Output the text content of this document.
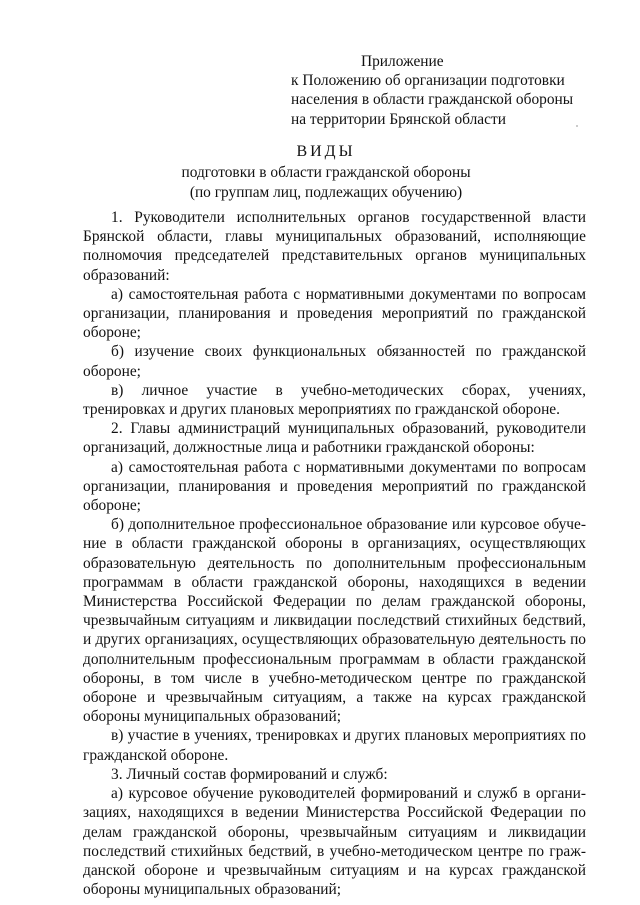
Приложение
к Положению об организации подготовки
населения в области гражданской обороны
на территории Брянской области
ВИДЫ
подготовки в области гражданской обороны
(по группам лиц, подлежащих обучению)

1. Руководители исполнительных органов государственной власти Брянской области, главы муниципальных образований, исполняющие полномочия председателей представительных органов муниципальных образований:

а) самостоятельная работа с нормативными документами по вопросам организации, планирования и проведения мероприятий по гражданской обороне;

б) изучение своих функциональных обязанностей по гражданской обороне;

в) личное участие в учебно-методических сборах, учениях, тренировках и других плановых мероприятиях по гражданской обороне.

2. Главы администраций муниципальных образований, руководители организаций, должностные лица и работники гражданской обороны:

а) самостоятельная работа с нормативными документами по вопросам организации, планирования и проведения мероприятий по гражданской обороне;

б) дополнительное профессиональное образование или курсовое обучение в области гражданской обороны в организациях, осуществляющих образовательную деятельность по дополнительным профессиональным программам в области гражданской обороны, находящихся в ведении Министерства Российской Федерации по делам гражданской обороны, чрезвычайным ситуациям и ликвидации последствий стихийных бедствий, и других организациях, осуществляющих образовательную деятельность по дополнительным профессиональным программам в области гражданской обороны, в том числе в учебно-методическом центре по гражданской обороне и чрезвычайным ситуациям, а также на курсах гражданской обороны муниципальных образований;

в) участие в учениях, тренировках и других плановых мероприятиях по гражданской обороне.

3. Личный состав формирований и служб:

а) курсовое обучение руководителей формирований и служб в организациях, находящихся в ведении Министерства Российской Федерации по делам гражданской обороны, чрезвычайным ситуациям и ликвидации последствий стихийных бедствий, в учебно-методическом центре по гражданской обороне и чрезвычайным ситуациям и на курсах гражданской обороны муниципальных образований;
